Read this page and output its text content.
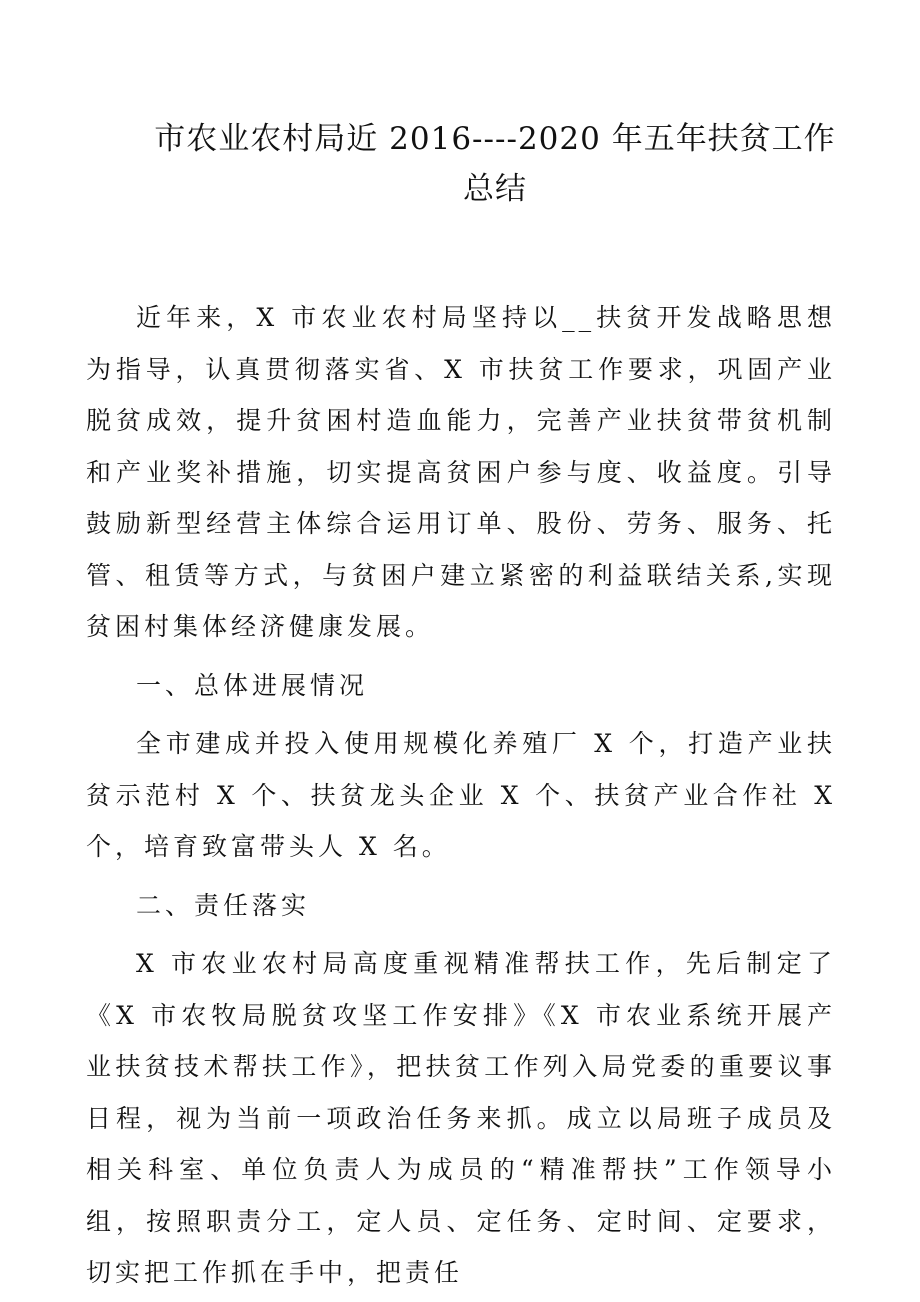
市农业农村局近 2016----2020 年五年扶贫工作
总结

近年来，X 市农业农村局坚持以__扶贫开发战略思想为指导，认真贯彻落实省、X 市扶贫工作要求，巩固产业脱贫成效，提升贫困村造血能力，完善产业扶贫带贫机制和产业奖补措施，切实提高贫困户参与度、收益度。引导鼓励新型经营主体综合运用订单、股份、劳务、服务、托管、租赁等方式，与贫困户建立紧密的利益联结关系,实现贫困村集体经济健康发展。

一、总体进展情况

全市建成并投入使用规模化养殖厂 X 个，打造产业扶贫示范村 X 个、扶贫龙头企业 X 个、扶贫产业合作社 X 个，培育致富带头人 X 名。

二、责任落实

X 市农业农村局高度重视精准帮扶工作，先后制定了《X 市农牧局脱贫攻坚工作安排》《X 市农业系统开展产业扶贫技术帮扶工作》，把扶贫工作列入局党委的重要议事日程，视为当前一项政治任务来抓。成立以局班子成员及相关科室、单位负责人为成员的“精准帮扶”工作领导小组，按照职责分工，定人员、定任务、定时间、定要求，切实把工作抓在手中，把责任
